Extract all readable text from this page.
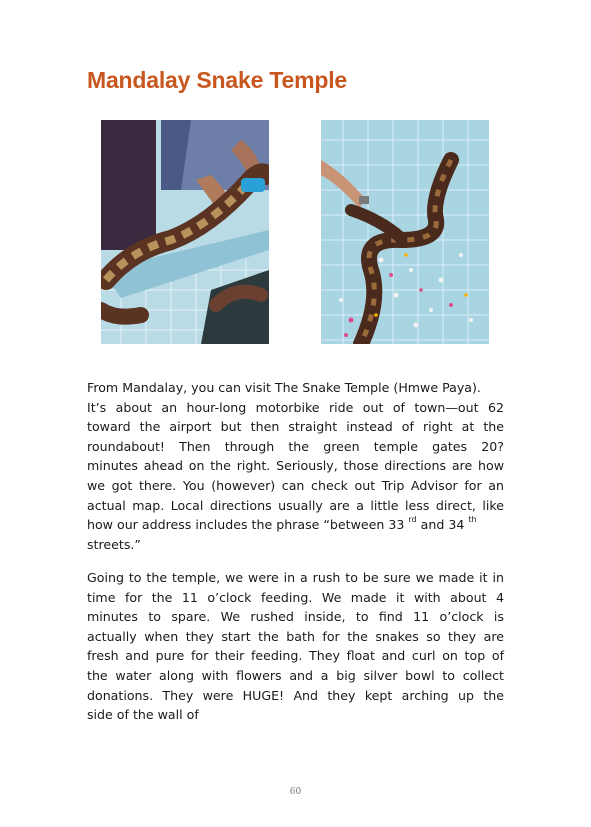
Mandalay Snake Temple
From Mandalay, you can visit The Snake Temple (Hmwe Paya).
It’s about an hour-long motorbike ride out of town—out 62
toward the airport but then straight instead of right at the
roundabout! Then through the green temple gates 20?
minutes ahead on the right. Seriously, those directions are how
we got there. You (however) can check out Trip Advisor for an
actual map. Local directions usually are a little less direct, like
how our address includes the phrase “between 33 $^{rd}$ and 34 $^{th}$
streets.”
Going to the temple, we were in a rush to be sure we made it in
time for the 11 o’clock feeding. We made it with about 4
minutes to spare. We rushed inside, to find 11 o’clock is
actually when they start the bath for the snakes so they are
fresh and pure for their feeding. They float and curl on top of
the water along with flowers and a big silver bowl to collect
donations. They were HUGE! And they kept arching up the
side of the wall of
60
